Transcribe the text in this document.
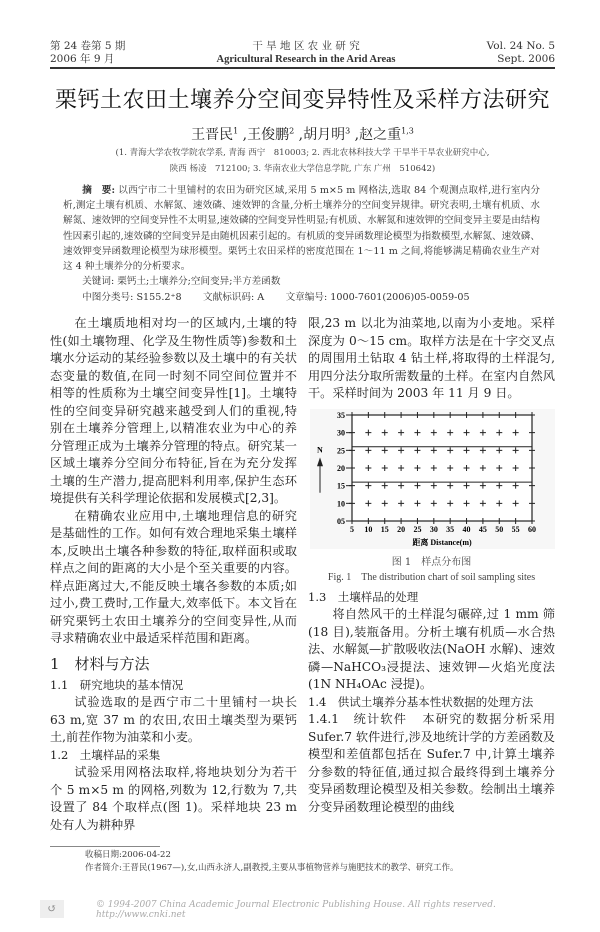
第 24 卷第 5 期
2006 年 9 月
干 旱 地 区 农 业 研 究
Agricultural Research in the Arid Areas
Vol. 24 No. 5
Sept. 2006
栗钙土农田土壤养分空间变异特性及采样方法研究
王晋民$^1$ ,王俊鹏$^2$ ,胡月明$^3$ ,赵之重$^{1,3}$
(1. 青海大学农牧学院农学系, 青海 西宁　810003; 2. 西北农林科技大学 干旱半干旱农业研究中心,
陕西 杨凌　712100; 3. 华南农业大学信息学院, 广东 广州　510642)

摘　要: 以西宁市二十里铺村的农田为研究区域,采用 5 m×5 m 网格法,选取 84 个观测点取样,进行室内分析,测定土壤有机质、水解氮、速效磷、速效钾的含量,分析土壤养分的空间变异规律。研究表明,土壤有机质、水解氮、速效钾的空间变异性不太明显,速效磷的空间变异性明显;有机质、水解氮和速效钾的空间变异主要是由结构性因素引起的,速效磷的空间变异是由随机因素引起的。有机质的变异函数理论模型为指数模型,水解氮、速效磷、速效钾变异函数理论模型为球形模型。栗钙土农田采样的密度范围在 1～11 m 之间,将能够满足精确农业生产对这 4 种土壤养分的分析要求。

关键词: 栗钙土;土壤养分;空间变异;半方差函数

中图分类号: S155.2⁺8 文献标识码: A 文章编号: 1000-7601(2006)05-0059-05

在土壤质地相对均一的区域内,土壤的特性(如土壤物理、化学及生物性质等)参数和土壤水分运动的某经验参数以及土壤中的有关状态变量的数值,在同一时刻不同空间位置并不相等的性质称为土壤空间变异性[1]。土壤特性的空间变异研究越来越受到人们的重视,特别在土壤养分管理上,以精准农业为中心的养分管理正成为土壤养分管理的特点。研究某一区域土壤养分空间分布特征,旨在为充分发挥土壤的生产潜力,提高肥料利用率,保护生态环境提供有关科学理论依据和发展模式[2,3]。

在精确农业应用中,土壤地理信息的研究是基础性的工作。如何有效合理地采集土壤样本,反映出土壤各种参数的特征,取样面积或取样点之间的距离的大小是个至关重要的内容。样点距离过大,不能反映土壤各参数的本质;如过小,费工费时,工作量大,效率低下。本文旨在研究栗钙土农田土壤养分的空间变异性,从而寻求精确农业中最适采样范围和距离。

1　材料与方法
1.1　研究地块的基本情况

试验选取的是西宁市二十里铺村一块长 63 m,宽 37 m 的农田,农田土壤类型为栗钙土,前茬作物为油菜和小麦。

1.2　土壤样品的采集

试验采用网格法取样,将地块划分为若干个 5 m×5 m 的网格,列数为 12,行数为 7,共设置了 84 个取样点(图 1)。采样地块 23 m 处有人为耕种界

限,23 m 以北为油菜地,以南为小麦地。采样深度为 0～15 cm。取样方法是在十字交叉点的周围用土钻取 4 钻土样,将取得的土样混匀,用四分法分取所需数量的土样。在室内自然风干。采样时间为 2003 年 11 月 9 日。

5 10 15 20 25 30 35 40 45 50 55 60
05
10
15
20
25
30
35
距离 Distance(m)
N
图 1　样点分布图
Fig. 1　The distribution chart of soil sampling sites
1.3　土壤样品的处理

将自然风干的土样混匀碾碎,过 1 mm 筛(18 目),装瓶备用。分析土壤有机质—水合热法、水解氮—扩散吸收法(NaOH 水解)、速效磷—NaHCO₃浸提法、速效钾—火焰光度法(1N NH₄OAc 浸提)。

1.4　供试土壤养分基本性状数据的处理方法

1.4.1　统计软件 本研究的数据分析采用 Sufer.7 软件进行,涉及地统计学的方差函数及模型和差值都包括在 Sufer.7 中,计算土壤养分参数的特征值,通过拟合最终得到土壤养分变异函数理论模型及相关参数。绘制出土壤养分变异函数理论模型的曲线

收稿日期:2006-04-22
作者简介:王晋民(1967—),女,山西永济人,副教授,主要从事植物营养与施肥技术的教学、研究工作。
↺	© 1994-2007 China Academic Journal Electronic Publishing House. All rights reserved.　http://www.cnki.net
